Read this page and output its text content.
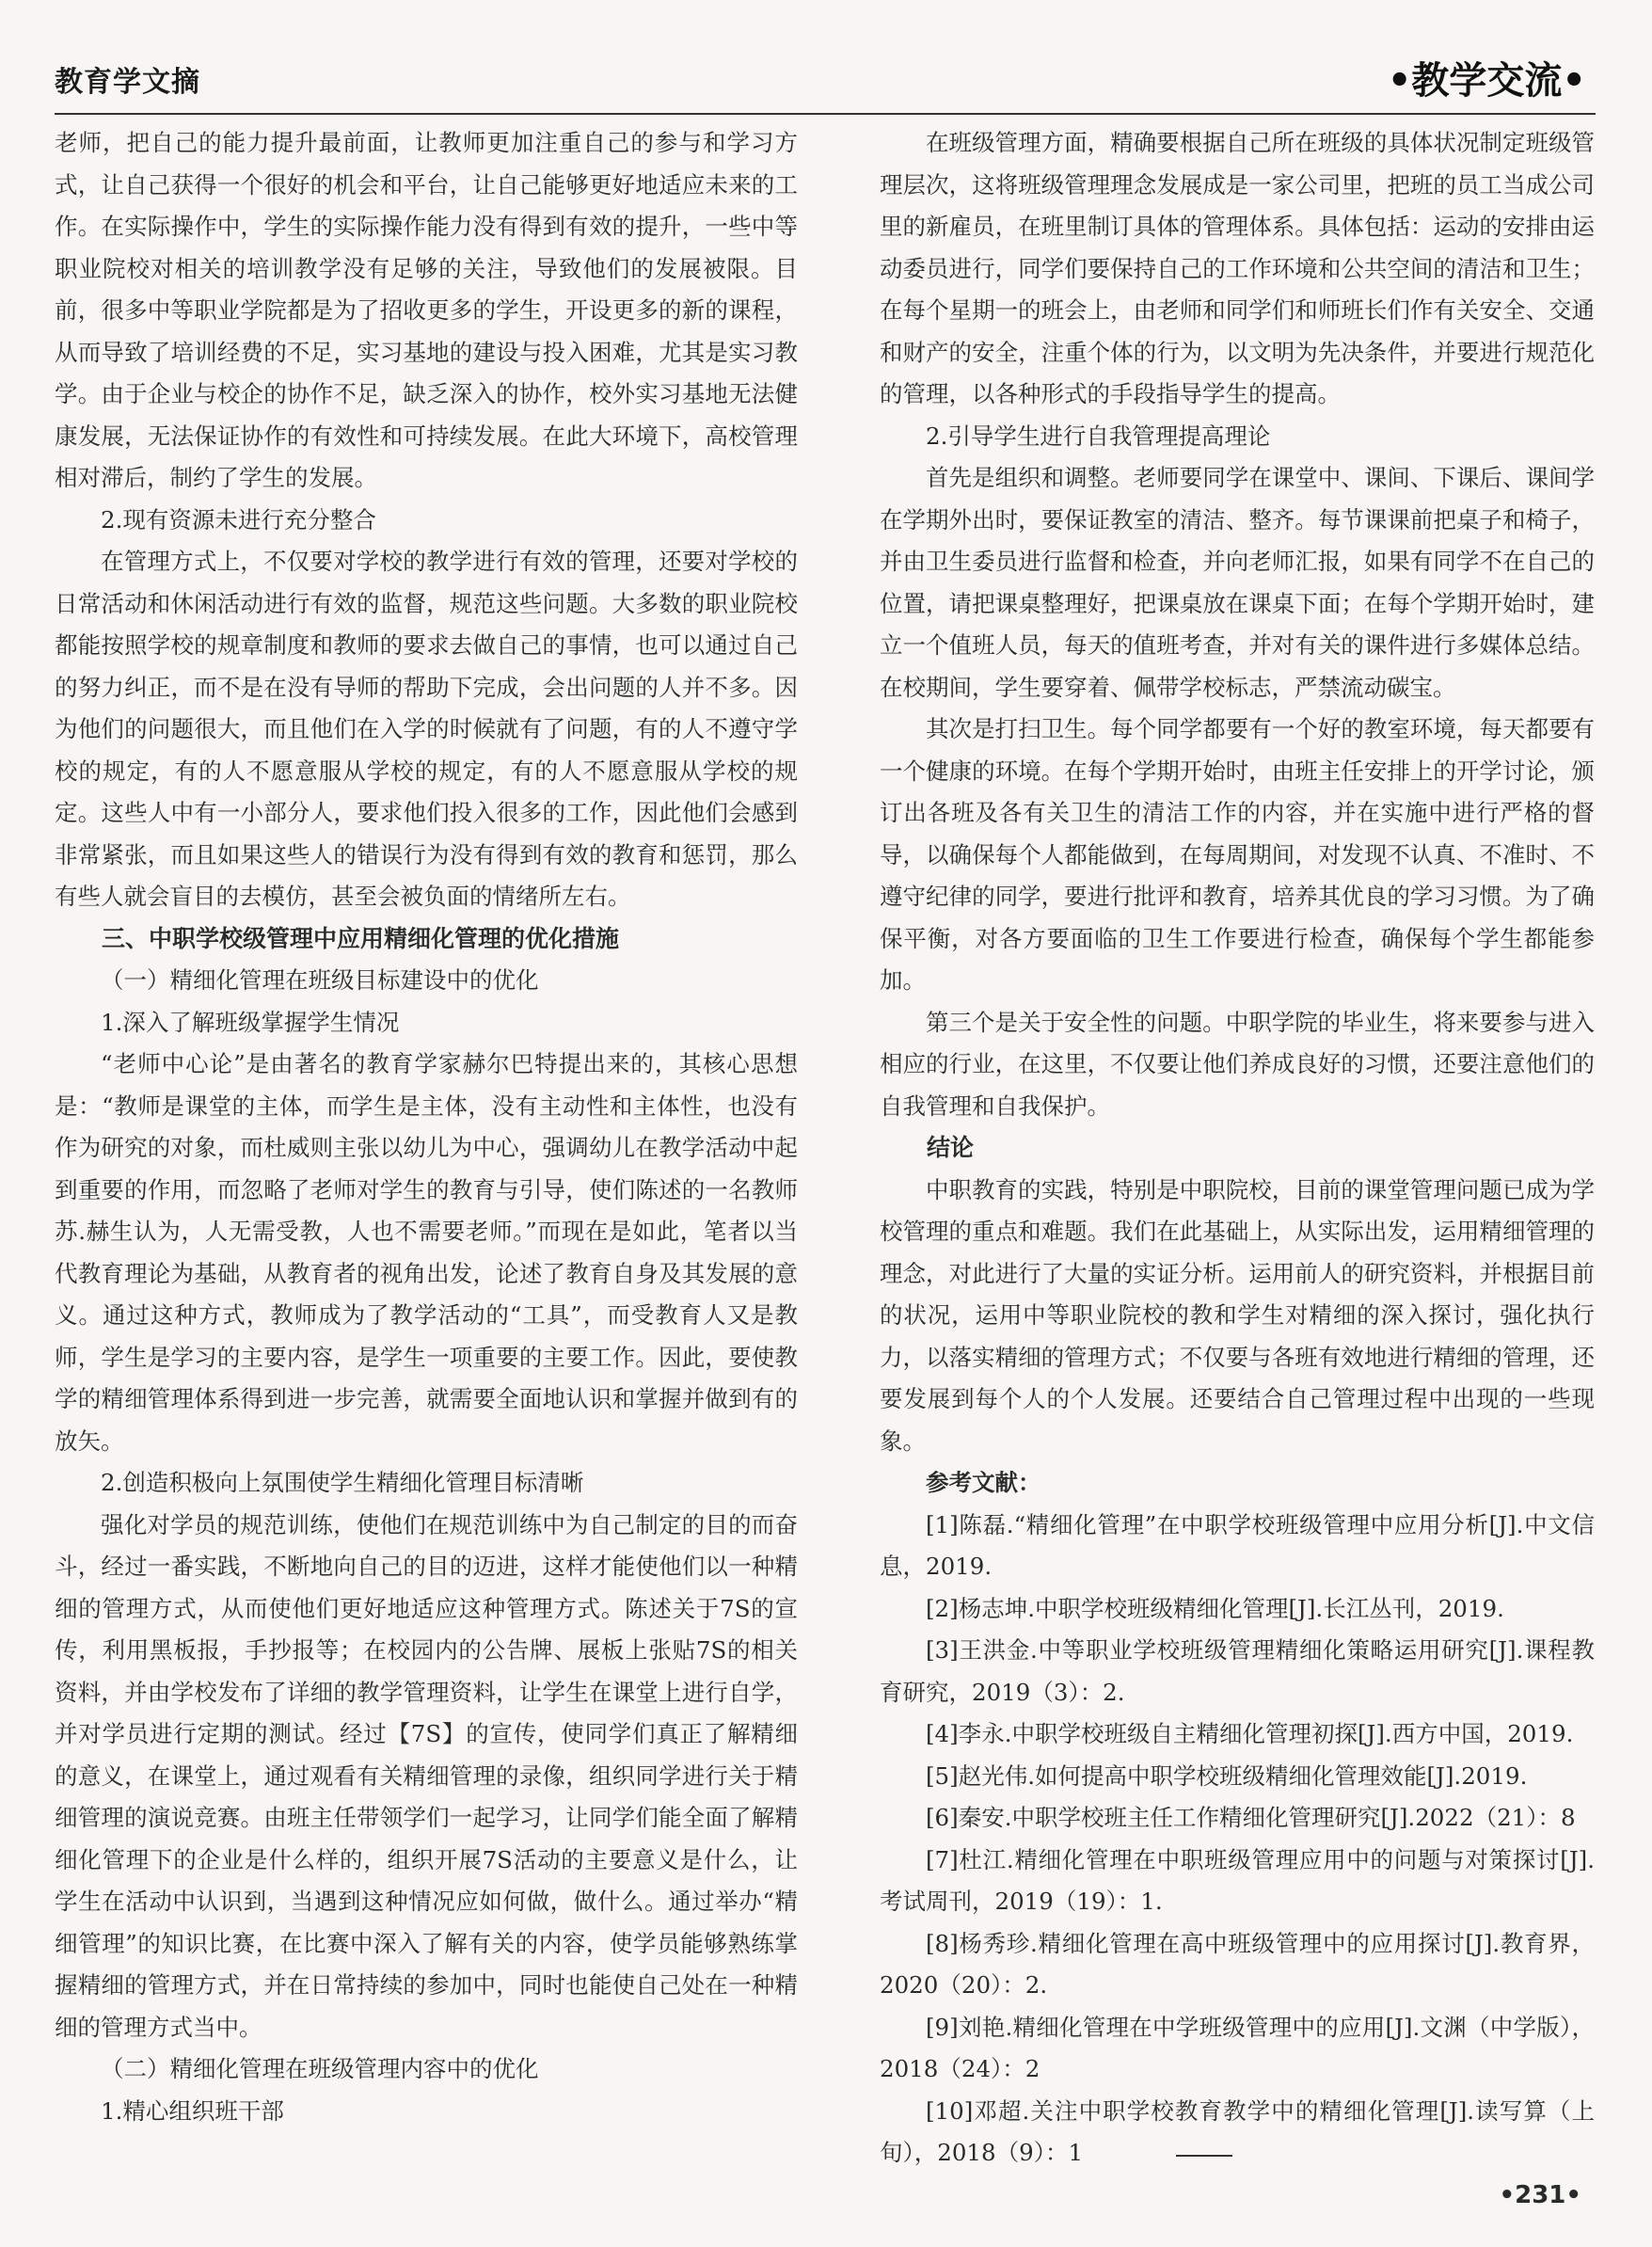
教育学文摘	•教学交流•

老师，把自己的能力提升最前面，让教师更加注重自己的参与和学习方式，让自己获得一个很好的机会和平台，让自己能够更好地适应未来的工作。在实际操作中，学生的实际操作能力没有得到有效的提升，一些中等职业院校对相关的培训教学没有足够的关注，导致他们的发展被限。目前，很多中等职业学院都是为了招收更多的学生，开设更多的新的课程，从而导致了培训经费的不足，实习基地的建设与投入困难，尤其是实习教学。由于企业与校企的协作不足，缺乏深入的协作，校外实习基地无法健康发展，无法保证协作的有效性和可持续发展。在此大环境下，高校管理相对滞后，制约了学生的发展。

2.现有资源未进行充分整合

在管理方式上，不仅要对学校的教学进行有效的管理，还要对学校的日常活动和休闲活动进行有效的监督，规范这些问题。大多数的职业院校都能按照学校的规章制度和教师的要求去做自己的事情，也可以通过自己的努力纠正，而不是在没有导师的帮助下完成，会出问题的人并不多。因为他们的问题很大，而且他们在入学的时候就有了问题，有的人不遵守学校的规定，有的人不愿意服从学校的规定，有的人不愿意服从学校的规定。这些人中有一小部分人，要求他们投入很多的工作，因此他们会感到非常紧张，而且如果这些人的错误行为没有得到有效的教育和惩罚，那么有些人就会盲目的去模仿，甚至会被负面的情绪所左右。

三、中职学校级管理中应用精细化管理的优化措施
（一）精细化管理在班级目标建设中的优化
1.深入了解班级掌握学生情况

“老师中心论”是由著名的教育学家赫尔巴特提出来的，其核心思想是：“教师是课堂的主体，而学生是主体，没有主动性和主体性，也没有作为研究的对象，而杜威则主张以幼儿为中心，强调幼儿在教学活动中起到重要的作用，而忽略了老师对学生的教育与引导，使们陈述的一名教师苏.赫生认为，人无需受教，人也不需要老师。”而现在是如此，笔者以当代教育理论为基础，从教育者的视角出发，论述了教育自身及其发展的意义。通过这种方式，教师成为了教学活动的“工具”，而受教育人又是教师，学生是学习的主要内容，是学生一项重要的主要工作。因此，要使教学的精细管理体系得到进一步完善，就需要全面地认识和掌握并做到有的放矢。

2.创造积极向上氛围使学生精细化管理目标清晰

强化对学员的规范训练，使他们在规范训练中为自己制定的目的而奋斗，经过一番实践，不断地向自己的目的迈进，这样才能使他们以一种精细的管理方式，从而使他们更好地适应这种管理方式。陈述关于7S的宣传，利用黑板报，手抄报等；在校园内的公告牌、展板上张贴7S的相关资料，并由学校发布了详细的教学管理资料，让学生在课堂上进行自学，并对学员进行定期的测试。经过【7S】的宣传，使同学们真正了解精细的意义，在课堂上，通过观看有关精细管理的录像，组织同学进行关于精细管理的演说竞赛。由班主任带领学们一起学习，让同学们能全面了解精细化管理下的企业是什么样的，组织开展7S活动的主要意义是什么，让学生在活动中认识到，当遇到这种情况应如何做，做什么。通过举办“精细管理”的知识比赛，在比赛中深入了解有关的内容，使学员能够熟练掌握精细的管理方式，并在日常持续的参加中，同时也能使自己处在一种精细的管理方式当中。

（二）精细化管理在班级管理内容中的优化
1.精心组织班干部

在班级管理方面，精确要根据自己所在班级的具体状况制定班级管理层次，这将班级管理理念发展成是一家公司里，把班的员工当成公司里的新雇员，在班里制订具体的管理体系。具体包括：运动的安排由运动委员进行，同学们要保持自己的工作环境和公共空间的清洁和卫生；在每个星期一的班会上，由老师和同学们和师班长们作有关安全、交通和财产的安全，注重个体的行为，以文明为先决条件，并要进行规范化的管理，以各种形式的手段指导学生的提高。

2.引导学生进行自我管理提高理论

首先是组织和调整。老师要同学在课堂中、课间、下课后、课间学在学期外出时，要保证教室的清洁、整齐。每节课课前把桌子和椅子，并由卫生委员进行监督和检查，并向老师汇报，如果有同学不在自己的位置，请把课桌整理好，把课桌放在课桌下面；在每个学期开始时，建立一个值班人员，每天的值班考查，并对有关的课件进行多媒体总结。在校期间，学生要穿着、佩带学校标志，严禁流动碳宝。

其次是打扫卫生。每个同学都要有一个好的教室环境，每天都要有一个健康的环境。在每个学期开始时，由班主任安排上的开学讨论，颁订出各班及各有关卫生的清洁工作的内容，并在实施中进行严格的督导，以确保每个人都能做到，在每周期间，对发现不认真、不准时、不遵守纪律的同学，要进行批评和教育，培养其优良的学习习惯。为了确保平衡，对各方要面临的卫生工作要进行检查，确保每个学生都能参加。

第三个是关于安全性的问题。中职学院的毕业生，将来要参与进入相应的行业，在这里，不仅要让他们养成良好的习惯，还要注意他们的自我管理和自我保护。

结论

中职教育的实践，特别是中职院校，目前的课堂管理问题已成为学校管理的重点和难题。我们在此基础上，从实际出发，运用精细管理的理念，对此进行了大量的实证分析。运用前人的研究资料，并根据目前的状况，运用中等职业院校的教和学生对精细的深入探讨，强化执行力，以落实精细的管理方式；不仅要与各班有效地进行精细的管理，还要发展到每个人的个人发展。还要结合自己管理过程中出现的一些现象。

参考文献：

[1]陈磊.“精细化管理”在中职学校班级管理中应用分析[J].中文信息，2019.

[2]杨志坤.中职学校班级精细化管理[J].长江丛刊，2019.

[3]王洪金.中等职业学校班级管理精细化策略运用研究[J].课程教育研究，2019（3）：2.

[4]李永.中职学校班级自主精细化管理初探[J].西方中国，2019.

[5]赵光伟.如何提高中职学校班级精细化管理效能[J].2019.

[6]秦安.中职学校班主任工作精细化管理研究[J].2022（21）：8

[7]杜江.精细化管理在中职班级管理应用中的问题与对策探讨[J].考试周刊，2019（19）：1.

[8]杨秀珍.精细化管理在高中班级管理中的应用探讨[J].教育界，2020（20）：2.

[9]刘艳.精细化管理在中学班级管理中的应用[J].文渊（中学版），2018（24）：2

[10]邓超.关注中职学校教育教学中的精细化管理[J].读写算（上旬），2018（9）：1

•231•
